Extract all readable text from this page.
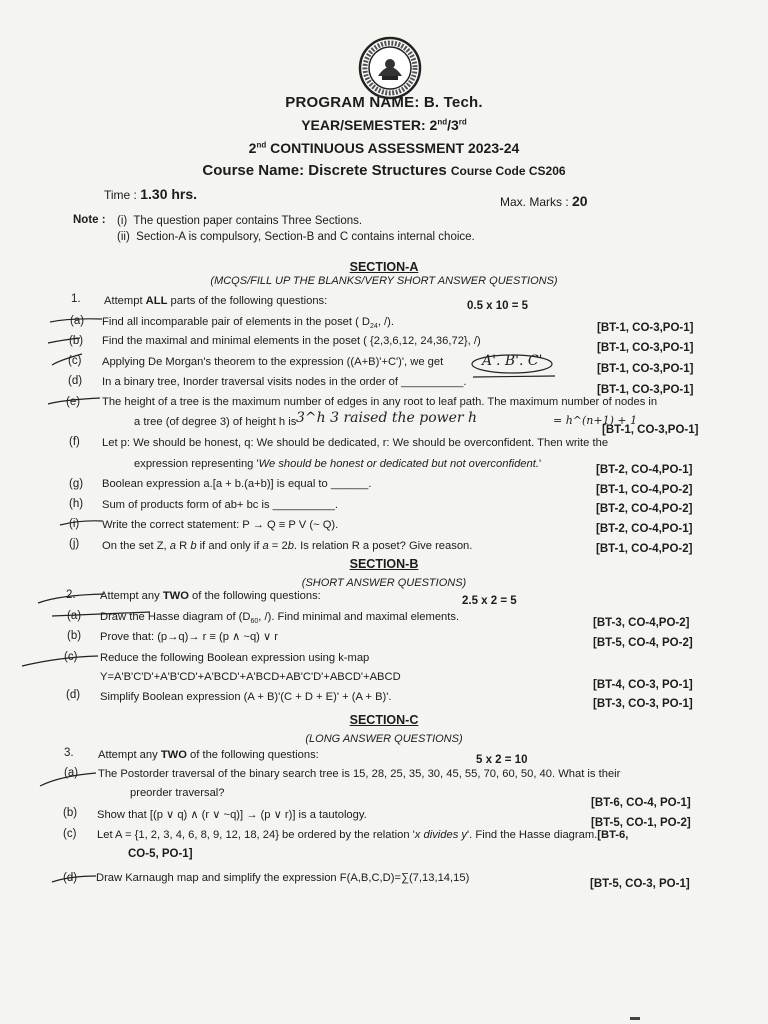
PROGRAM NAME: B. Tech.
YEAR/SEMESTER: 2nd/3rd
2nd CONTINUOUS ASSESSMENT 2023-24
Course Name: Discrete Structures Course Code CS206
Time : 1.30 hrs.	Max. Marks : 20
Note : (i) The question paper contains Three Sections.
(ii) Section-A is compulsory, Section-B and C contains internal choice.
SECTION-A
(MCQS/FILL UP THE BLANKS/VERY SHORT ANSWER QUESTIONS)
1. Attempt ALL parts of the following questions:	0.5 x 10 = 5
(a) Find all incomparable pair of elements in the poset ( $D_{24}$, /).	[BT-1, CO-3,PO-1]
(b) Find the maximal and minimal elements in the poset ( {2,3,6,12, 24,36,72}, /)
[BT-1, CO-3,PO-1]
(c) Applying De Morgan's theorem to the expression ((A+B)'+C')', we get	A'. B'. C'	[BT-1, CO-3,PO-1]
(d) In a binary tree, Inorder traversal visits nodes in the order of __________.
[BT-1, CO-3,PO-1]
(e) The height of a tree is the maximum number of edges in any root to leaf path. The maximum number of nodes in
a tree (of degree 3) of height h is 3^h 3 raised the power h	= h^(n+1) + 1
[BT-1, CO-3,PO-1]
(f) Let p: We should be honest, q: We should be dedicated, r: We should be overconfident. Then write the
expression representing 'We should be honest or dedicated but not overconfident.'	[BT-2, CO-4,PO-1]
(g) Boolean expression a.[a + b.(a+b)] is equal to ______.	[BT-1, CO-4,PO-2]
(h) Sum of products form of ab+ bc is __________.	[BT-2, CO-4,PO-2]
(i) Write the correct statement: P → Q ≡ P V (~ Q).	[BT-2, CO-4,PO-1]
(j) On the set Z, a R b if and only if a = 2b. Is relation R a poset? Give reason.	[BT-1, CO-4,PO-2]
SECTION-B
(SHORT ANSWER QUESTIONS)
2. Attempt any TWO of the following questions:	2.5 x 2 = 5
(a) Draw the Hasse diagram of ($D_{60}$, /). Find minimal and maximal elements.	[BT-3, CO-4,PO-2]
(b) Prove that: (p→q)→ r ≡ (p ∧ ~q) ∨ r	[BT-5, CO-4, PO-2]
(c) Reduce the following Boolean expression using k-map
Y=A'B'C'D'+A'B'CD'+A'BCD'+A'BCD+AB'C'D'+ABCD'+ABCD
[BT-4, CO-3, PO-1]
(d) Simplify Boolean expression (A + B)'(C + D + E)' + (A + B)'.
[BT-3, CO-3, PO-1]
SECTION-C
(LONG ANSWER QUESTIONS)
3. Attempt any TWO of the following questions:	5 x 2 = 10
(a) The Postorder traversal of the binary search tree is 15, 28, 25, 35, 30, 45, 55, 70, 60, 50, 40. What is their
preorder traversal?
[BT-6, CO-4, PO-1]
(b) Show that [(p ∨ q) ∧ (r ∨ ~q)] → (p ∨ r)] is a tautology.
[BT-5, CO-1, PO-2]
(c) Let A = {1, 2, 3, 4, 6, 8, 9, 12, 18, 24} be ordered by the relation 'x divides y'. Find the Hasse diagram.[BT-6,
CO-5, PO-1]
(d) Draw Karnaugh map and simplify the expression F(A,B,C,D)=∑(7,13,14,15)	[BT-5, CO-3, PO-1]
